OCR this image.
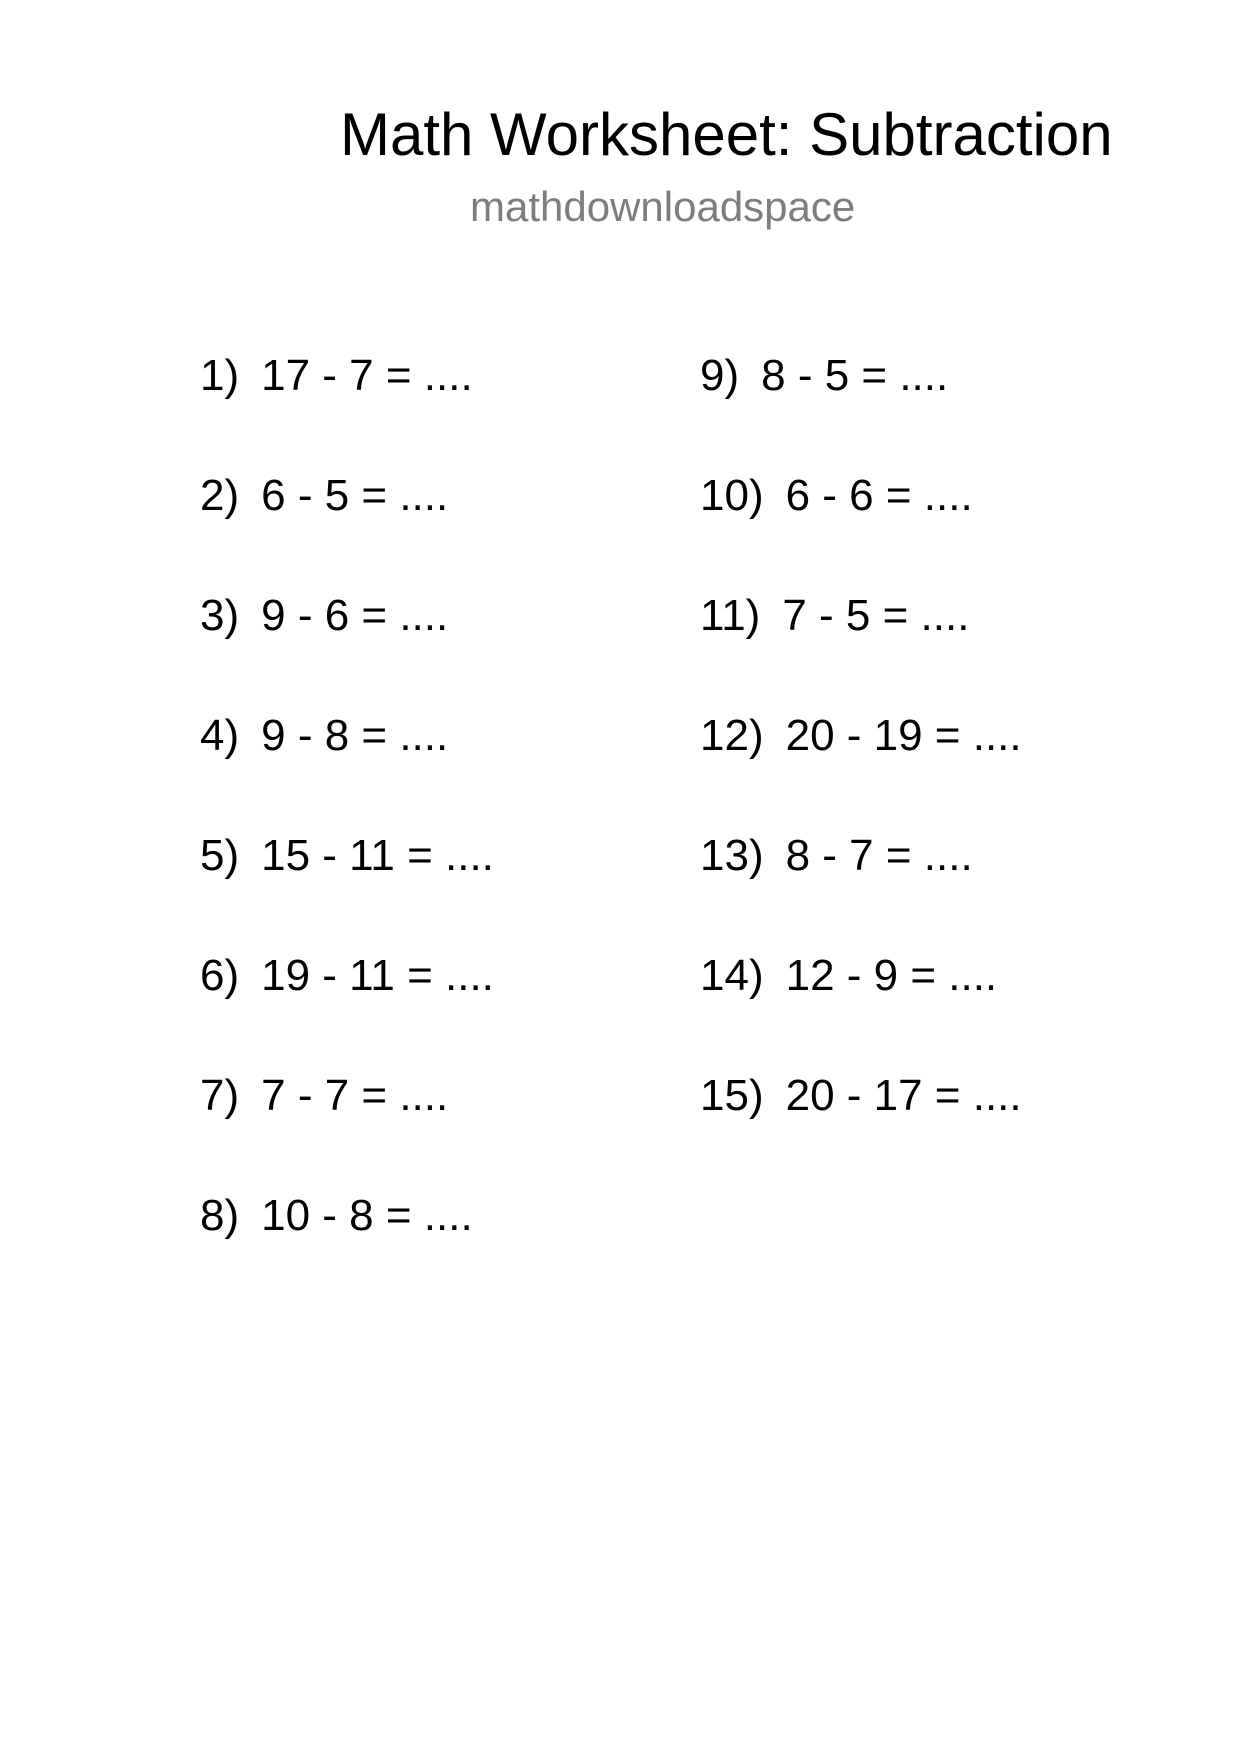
Math Worksheet: Subtraction
mathdownloadspace
1) 17 - 7 = ....
2) 6 - 5 = ....
3) 9 - 6 = ....
4) 9 - 8 = ....
5) 15 - 11 = ....
6) 19 - 11 = ....
7) 7 - 7 = ....
8) 10 - 8 = ....
9) 8 - 5 = ....
10) 6 - 6 = ....
11) 7 - 5 = ....
12) 20 - 19 = ....
13) 8 - 7 = ....
14) 12 - 9 = ....
15) 20 - 17 = ....
